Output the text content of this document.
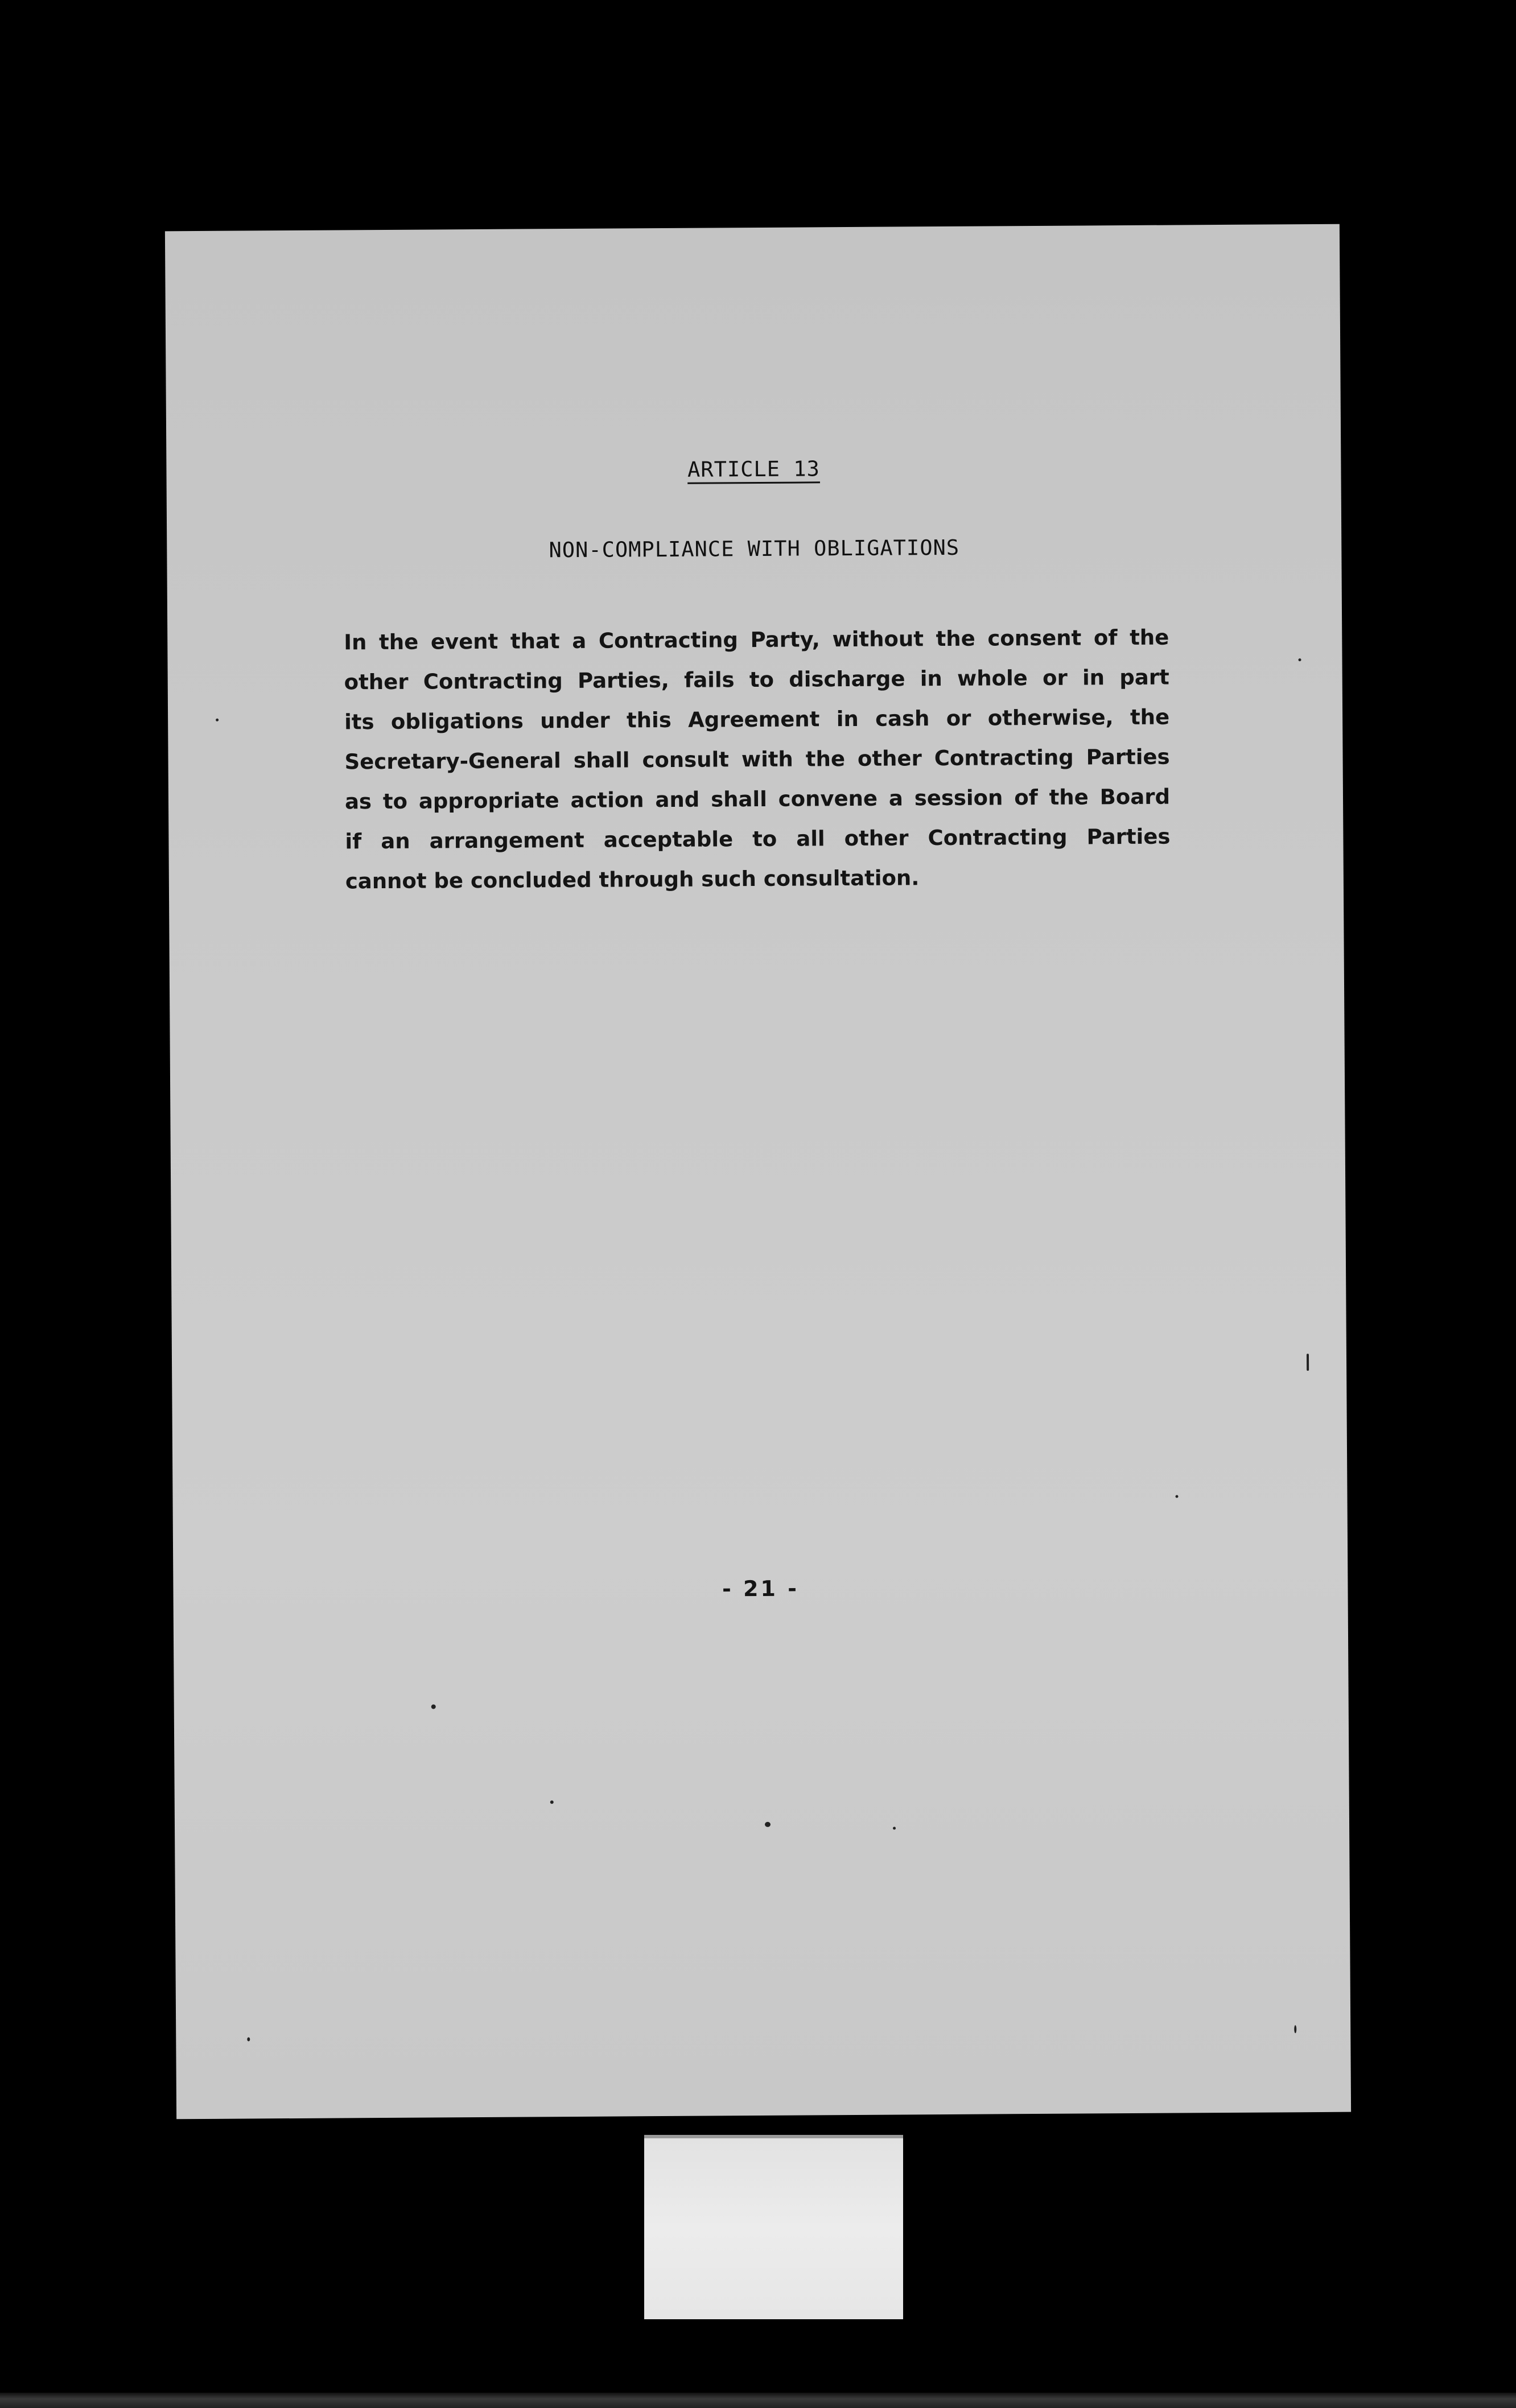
ARTICLE 13
NON-COMPLIANCE WITH OBLIGATIONS
In the event that a Contracting Party, without the consent of the
other Contracting Parties, fails to discharge in whole or in part
its obligations under this Agreement in cash or otherwise, the
Secretary-General shall consult with the other Contracting Parties
as to appropriate action and shall convene a session of the Board
if an arrangement acceptable to all other Contracting Parties
cannot be concluded through such consultation.
- 21 -
